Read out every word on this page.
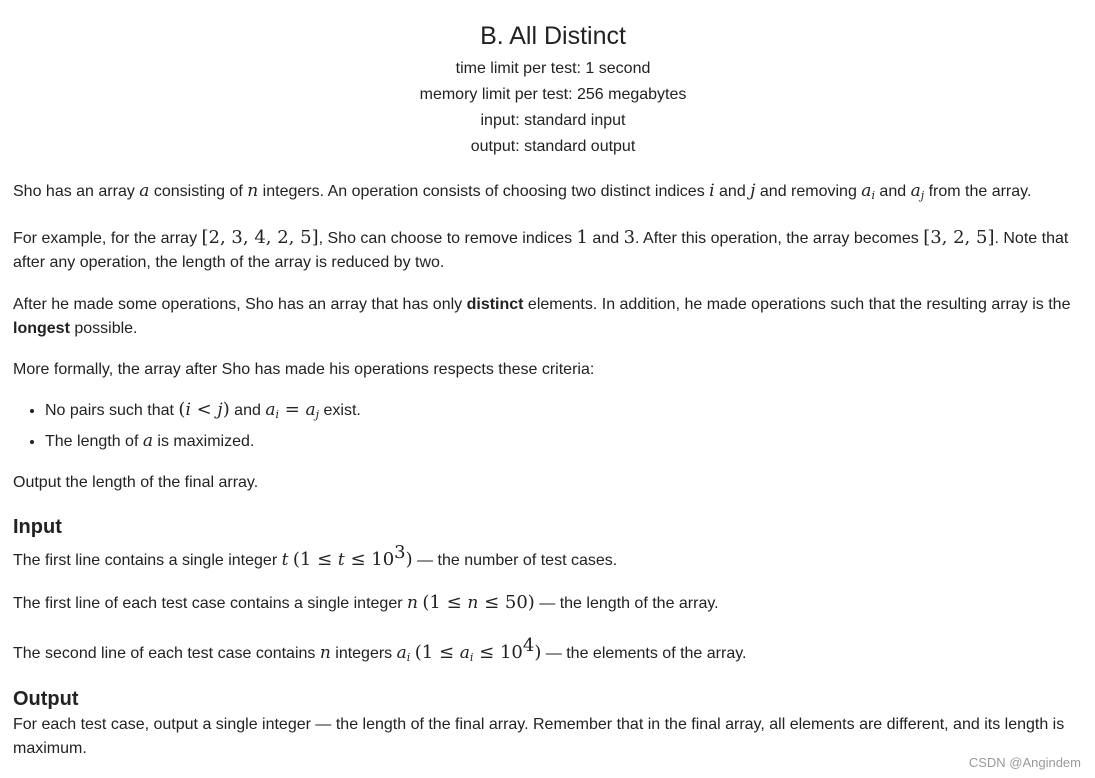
B. All Distinct
time limit per test: 1 second
memory limit per test: 256 megabytes
input: standard input
output: standard output

Sho has an array a consisting of n integers. An operation consists of choosing two distinct indices i and j and removing $a_i$ and $a_j$ from the array.

For example, for the array [2, 3, 4, 2, 5], Sho can choose to remove indices 1 and 3. After this operation, the array becomes [3, 2, 5]. Note that after any operation, the length of the array is reduced by two.

After he made some operations, Sho has an array that has only distinct elements. In addition, he made operations such that the resulting array is the longest possible.

More formally, the array after Sho has made his operations respects these criteria:

• No pairs such that (i < j) and $a_i = a_j$ exist.
• The length of a is maximized.

Output the length of the final array.

Input

The first line contains a single integer t $(1 \le t \le 10^3)$ — the number of test cases.

The first line of each test case contains a single integer n (1 ≤ n ≤ 50) — the length of the array.

The second line of each test case contains n integers $a_i$ $(1 \le a_i \le 10^4)$ — the elements of the array.

Output

For each test case, output a single integer — the length of the final array. Remember that in the final array, all elements are different, and its length is maximum.

CSDN @Angindem
